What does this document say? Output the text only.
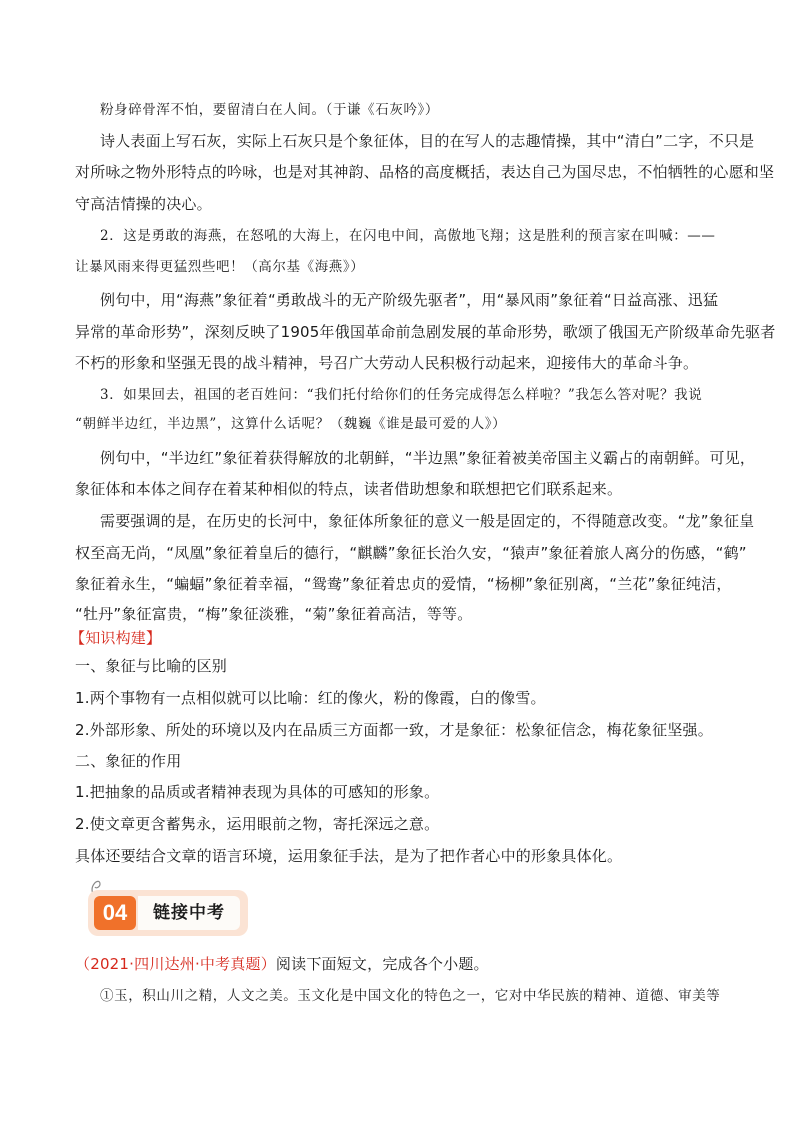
粉身碎骨浑不怕，要留清白在人间。（于谦《石灰吟》）

诗人表面上写石灰，实际上石灰只是个象征体，目的在写人的志趣情操，其中“清白”二字，不只是

对所咏之物外形特点的吟咏，也是对其神韵、品格的高度概括，表达自己为国尽忠，不怕牺牲的心愿和坚

守高洁情操的决心。

2．这是勇敢的海燕，在怒吼的大海上，在闪电中间，高傲地飞翔；这是胜利的预言家在叫喊：——

让暴风雨来得更猛烈些吧！（高尔基《海燕》）

例句中，用“海燕”象征着“勇敢战斗的无产阶级先驱者”，用“暴风雨”象征着“日益高涨、迅猛

异常的革命形势”，深刻反映了1905年俄国革命前急剧发展的革命形势，歌颂了俄国无产阶级革命先驱者

不朽的形象和坚强无畏的战斗精神，号召广大劳动人民积极行动起来，迎接伟大的革命斗争。

3．如果回去，祖国的老百姓问：“我们托付给你们的任务完成得怎么样啦？”我怎么答对呢？我说

“朝鲜半边红，半边黑”，这算什么话呢？（魏巍《谁是最可爱的人》）

例句中，“半边红”象征着获得解放的北朝鲜，“半边黑”象征着被美帝国主义霸占的南朝鲜。可见，

象征体和本体之间存在着某种相似的特点，读者借助想象和联想把它们联系起来。

需要强调的是，在历史的长河中，象征体所象征的意义一般是固定的，不得随意改变。“龙”象征皇

权至高无尚，“凤凰”象征着皇后的德行，“麒麟”象征长治久安，“猿声”象征着旅人离分的伤感，“鹤”

象征着永生，“蝙蝠”象征着幸福，“鸳鸯”象征着忠贞的爱情，“杨柳”象征别离，“兰花”象征纯洁，

“牡丹”象征富贵，“梅”象征淡雅，“菊”象征着高洁，等等。

【知识构建】

一、象征与比喻的区别

1.两个事物有一点相似就可以比喻：红的像火，粉的像霞，白的像雪。

2.外部形象、所处的环境以及内在品质三方面都一致，才是象征：松象征信念，梅花象征坚强。

二、象征的作用

1.把抽象的品质或者精神表现为具体的可感知的形象。

2.使文章更含蓄隽永，运用眼前之物，寄托深远之意。

具体还要结合文章的语言环境，运用象征手法，是为了把作者心中的形象具体化。

04	链接中考

（2021·四川达州·中考真题）阅读下面短文，完成各个小题。

①玉，积山川之精，人文之美。玉文化是中国文化的特色之一，它对中华民族的精神、道德、审美等
